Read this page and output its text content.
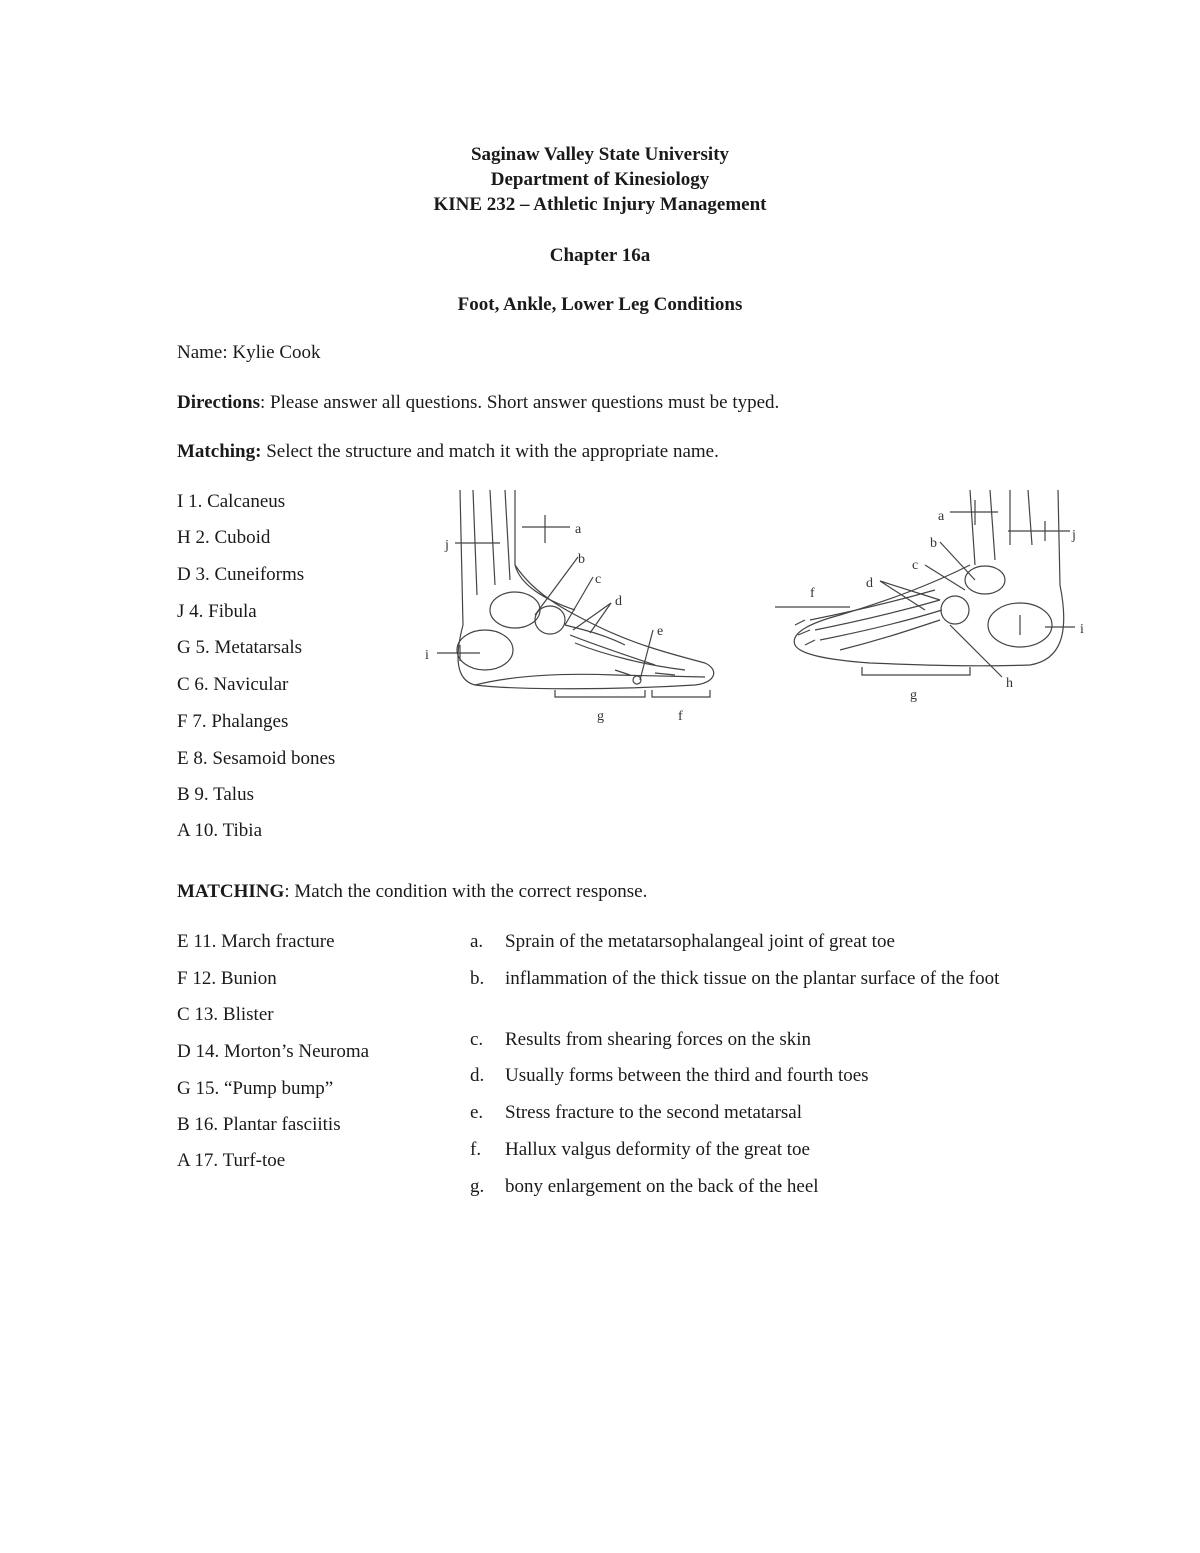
Saginaw Valley State University
Department of Kinesiology
KINE 232 – Athletic Injury Management
Chapter 16a
Foot, Ankle, Lower Leg Conditions
Name: Kylie Cook
Directions: Please answer all questions. Short answer questions must be typed.
Matching: Select the structure and match it with the appropriate name.
I 1. Calcaneus
H 2. Cuboid
D 3. Cuneiforms
J 4. Fibula
G 5. Metatarsals
C 6. Navicular
F 7. Phalanges
E 8. Sesamoid bones
B 9. Talus
A 10. Tibia
a
b
c
d
e
j
i
g	f
a
b
c
d
j
f
i
h
g
MATCHING: Match the condition with the correct response.
E 11. March fracture
F 12. Bunion
C 13. Blister
D 14. Morton’s Neuroma
G 15. “Pump bump”
B 16. Plantar fasciitis
A 17. Turf-toe
a. Sprain of the metatarsophalangeal joint of great toe
b. inflammation of the thick tissue on the plantar surface of the foot
c. Results from shearing forces on the skin
d. Usually forms between the third and fourth toes
e. Stress fracture to the second metatarsal
f. Hallux valgus deformity of the great toe
g. bony enlargement on the back of the heel
